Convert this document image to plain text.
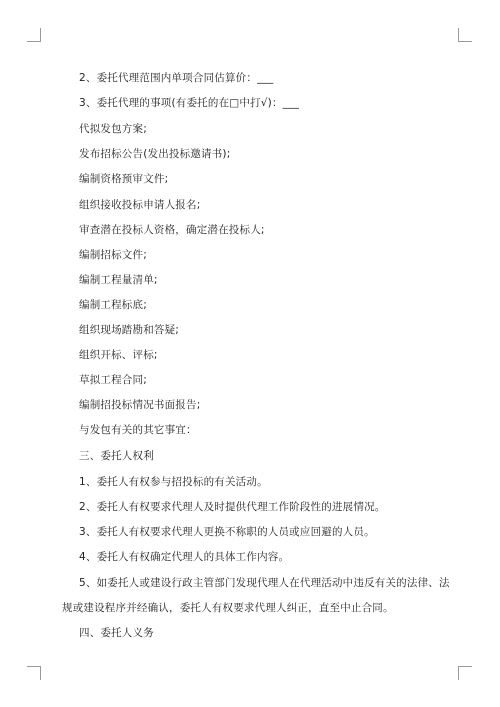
2、委托代理范围内单项合同估算价：___
3、委托代理的事项(有委托的在□中打√)：___
代拟发包方案;
发布招标公告(发出投标邀请书);
编制资格预审文件;
组织接收投标申请人报名;
审查潜在投标人资格，确定潜在投标人;
编制招标文件;
编制工程量清单;
编制工程标底;
组织现场踏勘和答疑;
组织开标、评标;
草拟工程合同;
编制招投标情况书面报告;
与发包有关的其它事宜：
三、委托人权利
1、委托人有权参与招投标的有关活动。
2、委托人有权要求代理人及时提供代理工作阶段性的进展情况。
3、委托人有权要求代理人更换不称职的人员或应回避的人员。
4、委托人有权确定代理人的具体工作内容。
5、如委托人或建设行政主管部门发现代理人在代理活动中违反有关的法律、法
规或建设程序并经确认，委托人有权要求代理人纠正，直至中止合同。
四、委托人义务
